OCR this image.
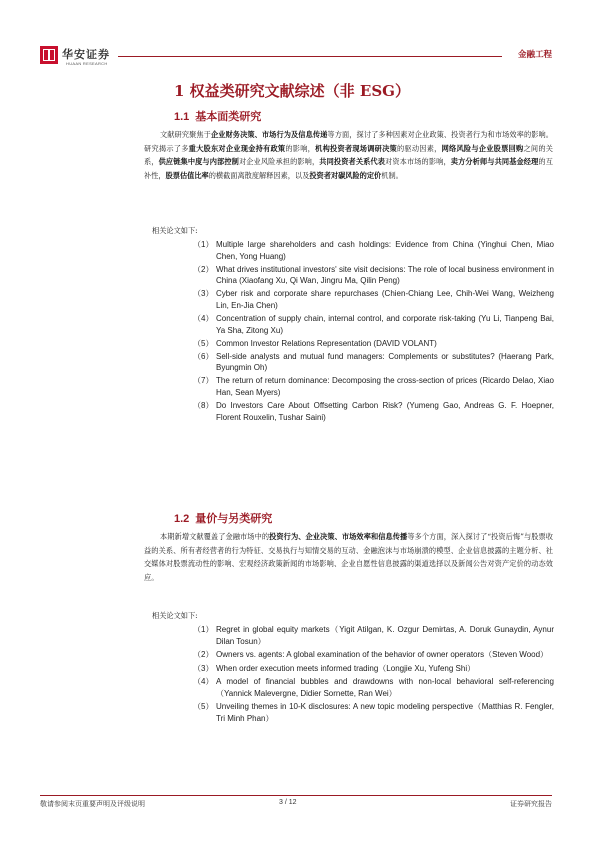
华安证券
HUAAN RESEARCH
金融工程
1 权益类研究文献综述（非 ESG）
1.1 基本面类研究
文献研究聚焦于企业财务决策、市场行为及信息传递等方面，探讨了多种因素对企业政策、投资者行为和市场效率的影响。研究揭示了多重大股东对企业现金持有政策的影响，机构投资者现场调研决策的驱动因素，网络风险与企业股票回购之间的关系，供应链集中度与内部控制对企业风险承担的影响，共同投资者关系代表对资本市场的影响，卖方分析师与共同基金经理的互补性，股票估值比率的横截面离散度解释因素，以及投资者对碳风险的定价机制。
相关论文如下:
（1） Multiple large shareholders and cash holdings: Evidence from China (Yinghui Chen, Miao Chen, Yong Huang)
（2） What drives institutional investors' site visit decisions: The role of local business environment in China (Xiaofang Xu, Qi Wan, Jingru Ma, Qilin Peng)
（3） Cyber risk and corporate share repurchases (Chien-Chiang Lee, Chih-Wei Wang, Weizheng Lin, En-Jia Chen)
（4） Concentration of supply chain, internal control, and corporate risk-taking (Yu Li, Tianpeng Bai, Ya Sha, Zitong Xu)
（5） Common Investor Relations Representation (DAVID VOLANT)
（6） Sell-side analysts and mutual fund managers: Complements or substitutes? (Haerang Park, Byungmin Oh)
（7） The return of return dominance: Decomposing the cross-section of prices (Ricardo Delao, Xiao Han, Sean Myers)
（8） Do Investors Care About Offsetting Carbon Risk? (Yumeng Gao, Andreas G. F. Hoepner, Florent Rouxelin, Tushar Saini)
1.2 量价与另类研究
本期新增文献覆盖了金融市场中的投资行为、企业决策、市场效率和信息传播等多个方面，深入探讨了“投资后悔”与股票收益的关系、所有者经营者的行为特征、交易执行与知情交易的互动、金融泡沫与市场崩溃的模型、企业信息披露的主题分析、社交媒体对股票流动性的影响、宏观经济政策新闻的市场影响、企业自愿性信息披露的渠道选择以及新闻公告对资产定价的动态效应。
相关论文如下:
（1） Regret in global equity markets（Yigit Atilgan, K. Ozgur Demirtas, A. Doruk Gunaydin, Aynur Dilan Tosun）
（2） Owners vs. agents: A global examination of the behavior of owner operators（Steven Wood）
（3） When order execution meets informed trading（Longjie Xu, Yufeng Shi）
（4） A model of financial bubbles and drawdowns with non-local behavioral self-referencing（Yannick Malevergne, Didier Sornette, Ran Wei）
（5） Unveiling themes in 10-K disclosures: A new topic modeling perspective（Matthias R. Fengler, Tri Minh Phan）
敬请参阅末页重要声明及评级说明	3 / 12	证券研究报告
